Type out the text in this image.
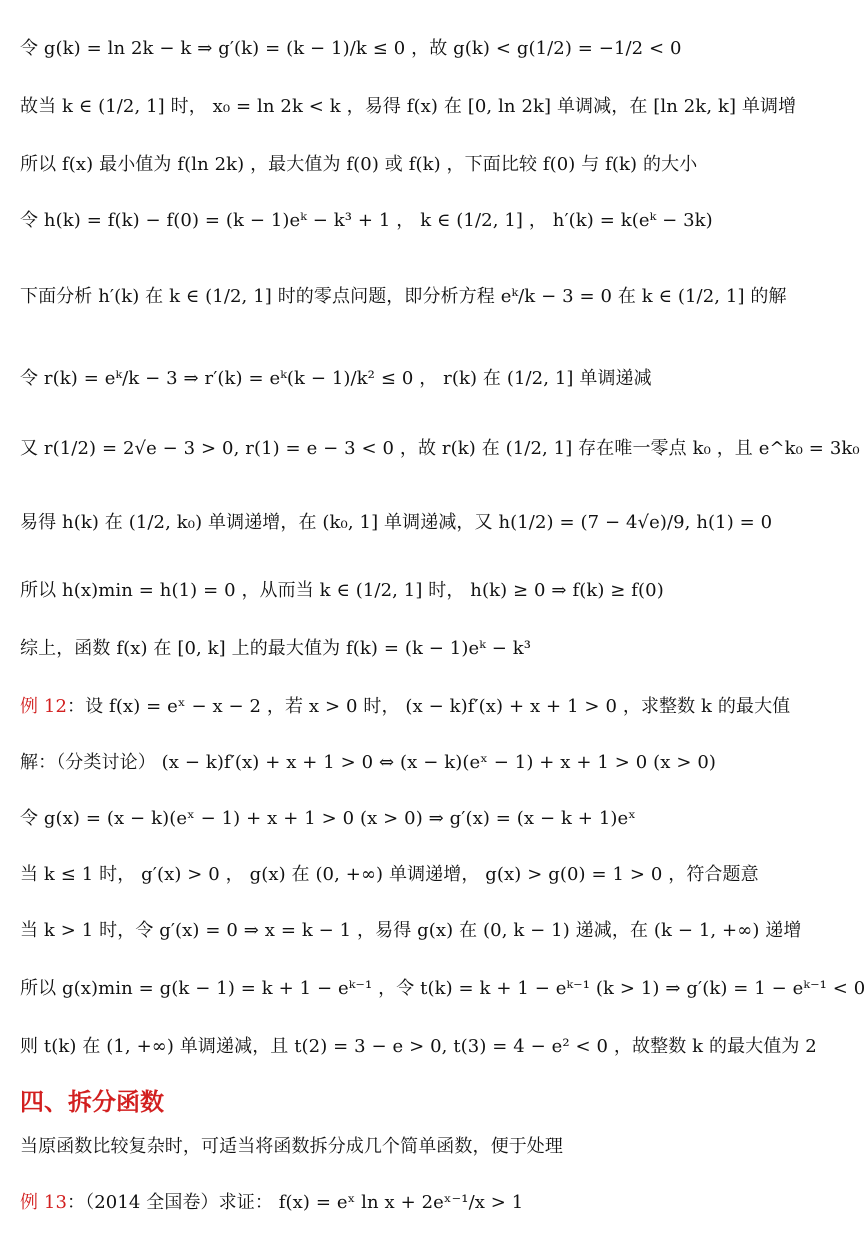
令 g(k) = ln 2k − k ⇒ g′(k) = (k − 1)/k ≤ 0 ，故 g(k) < g(1/2) = −1/2 < 0
故当 k ∈ (1/2, 1] 时， x₀ = ln 2k < k ，易得 f(x) 在 [0, ln 2k] 单调减，在 [ln 2k, k] 单调增
所以 f(x) 最小值为 f(ln 2k) ，最大值为 f(0) 或 f(k) ，下面比较 f(0) 与 f(k) 的大小
令 h(k) = f(k) − f(0) = (k − 1)eᵏ − k³ + 1 ， k ∈ (1/2, 1] ， h′(k) = k(eᵏ − 3k)
下面分析 h′(k) 在 k ∈ (1/2, 1] 时的零点问题，即分析方程 eᵏ/k − 3 = 0 在 k ∈ (1/2, 1] 的解
令 r(k) = eᵏ/k − 3 ⇒ r′(k) = eᵏ(k − 1)/k² ≤ 0 ， r(k) 在 (1/2, 1] 单调递减
又 r(1/2) = 2√e − 3 > 0, r(1) = e − 3 < 0 ，故 r(k) 在 (1/2, 1] 存在唯一零点 k₀ ，且 e^k₀ = 3k₀
易得 h(k) 在 (1/2, k₀) 单调递增，在 (k₀, 1] 单调递减，又 h(1/2) = (7 − 4√e)/9, h(1) = 0
所以 h(x)min = h(1) = 0 ，从而当 k ∈ (1/2, 1] 时， h(k) ≥ 0 ⇒ f(k) ≥ f(0)
综上，函数 f(x) 在 [0, k] 上的最大值为 f(k) = (k − 1)eᵏ − k³
例 12：设 f(x) = eˣ − x − 2 ，若 x > 0 时， (x − k)f′(x) + x + 1 > 0 ，求整数 k 的最大值
解：（分类讨论） (x − k)f′(x) + x + 1 > 0 ⇔ (x − k)(eˣ − 1) + x + 1 > 0 (x > 0)
令 g(x) = (x − k)(eˣ − 1) + x + 1 > 0 (x > 0) ⇒ g′(x) = (x − k + 1)eˣ
当 k ≤ 1 时， g′(x) > 0 ， g(x) 在 (0, +∞) 单调递增， g(x) > g(0) = 1 > 0 ，符合题意
当 k > 1 时，令 g′(x) = 0 ⇒ x = k − 1 ，易得 g(x) 在 (0, k − 1) 递减，在 (k − 1, +∞) 递增
所以 g(x)min = g(k − 1) = k + 1 − eᵏ⁻¹ ，令 t(k) = k + 1 − eᵏ⁻¹ (k > 1) ⇒ g′(k) = 1 − eᵏ⁻¹ < 0
则 t(k) 在 (1, +∞) 单调递减，且 t(2) = 3 − e > 0, t(3) = 4 − e² < 0 ，故整数 k 的最大值为 2
四、拆分函数
当原函数比较复杂时，可适当将函数拆分成几个简单函数，便于处理
例 13：（2014 全国卷）求证： f(x) = eˣ ln x + 2eˣ⁻¹/x > 1
